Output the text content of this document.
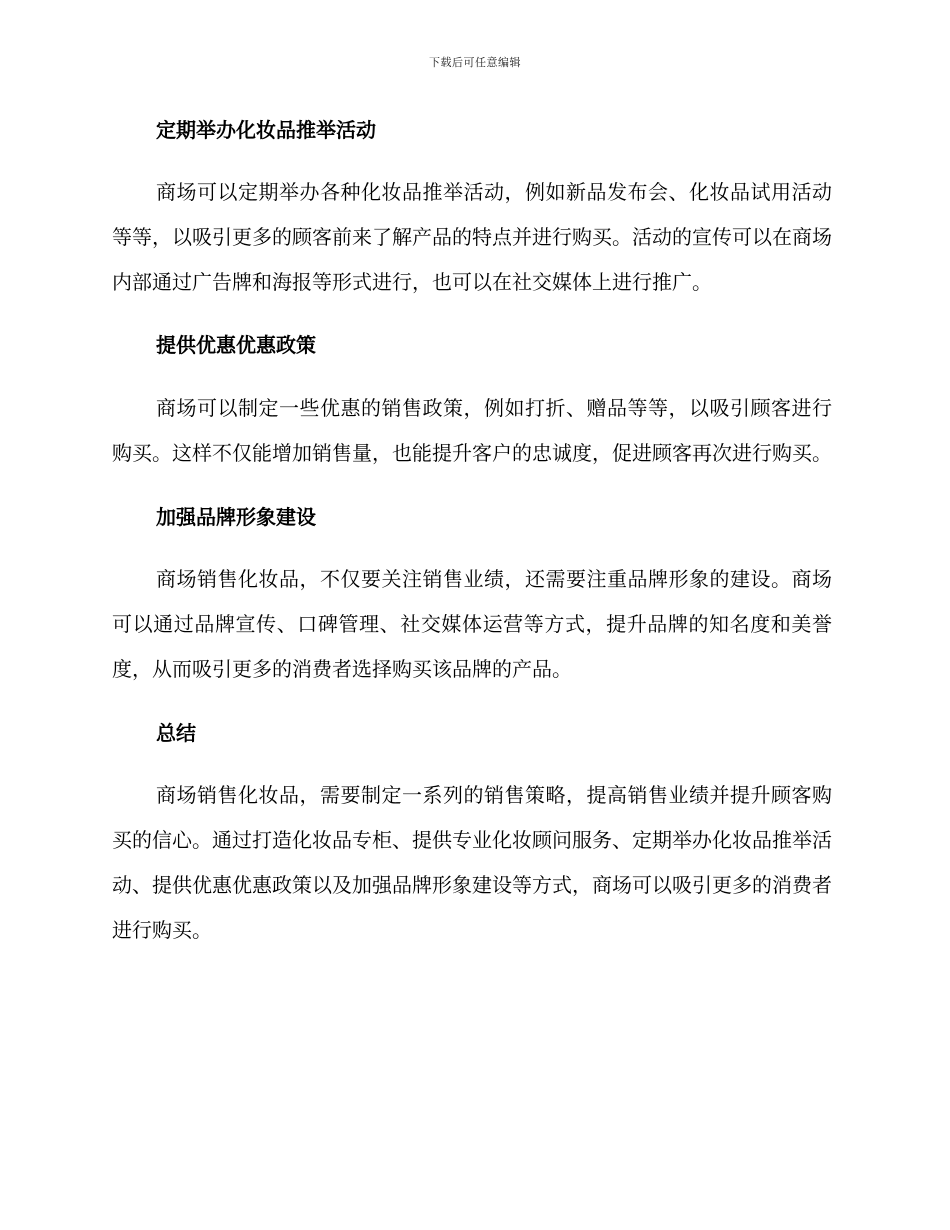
下载后可任意编辑
定期举办化妆品推举活动

商场可以定期举办各种化妆品推举活动，例如新品发布会、化妆品试用活动等等，以吸引更多的顾客前来了解产品的特点并进行购买。活动的宣传可以在商场内部通过广告牌和海报等形式进行，也可以在社交媒体上进行推广。

提供优惠优惠政策

商场可以制定一些优惠的销售政策，例如打折、赠品等等，以吸引顾客进行购买。这样不仅能增加销售量，也能提升客户的忠诚度，促进顾客再次进行购买。

加强品牌形象建设

商场销售化妆品，不仅要关注销售业绩，还需要注重品牌形象的建设。商场可以通过品牌宣传、口碑管理、社交媒体运营等方式，提升品牌的知名度和美誉度，从而吸引更多的消费者选择购买该品牌的产品。

总结

商场销售化妆品，需要制定一系列的销售策略，提高销售业绩并提升顾客购买的信心。通过打造化妆品专柜、提供专业化妆顾问服务、定期举办化妆品推举活动、提供优惠优惠政策以及加强品牌形象建设等方式，商场可以吸引更多的消费者进行购买。
